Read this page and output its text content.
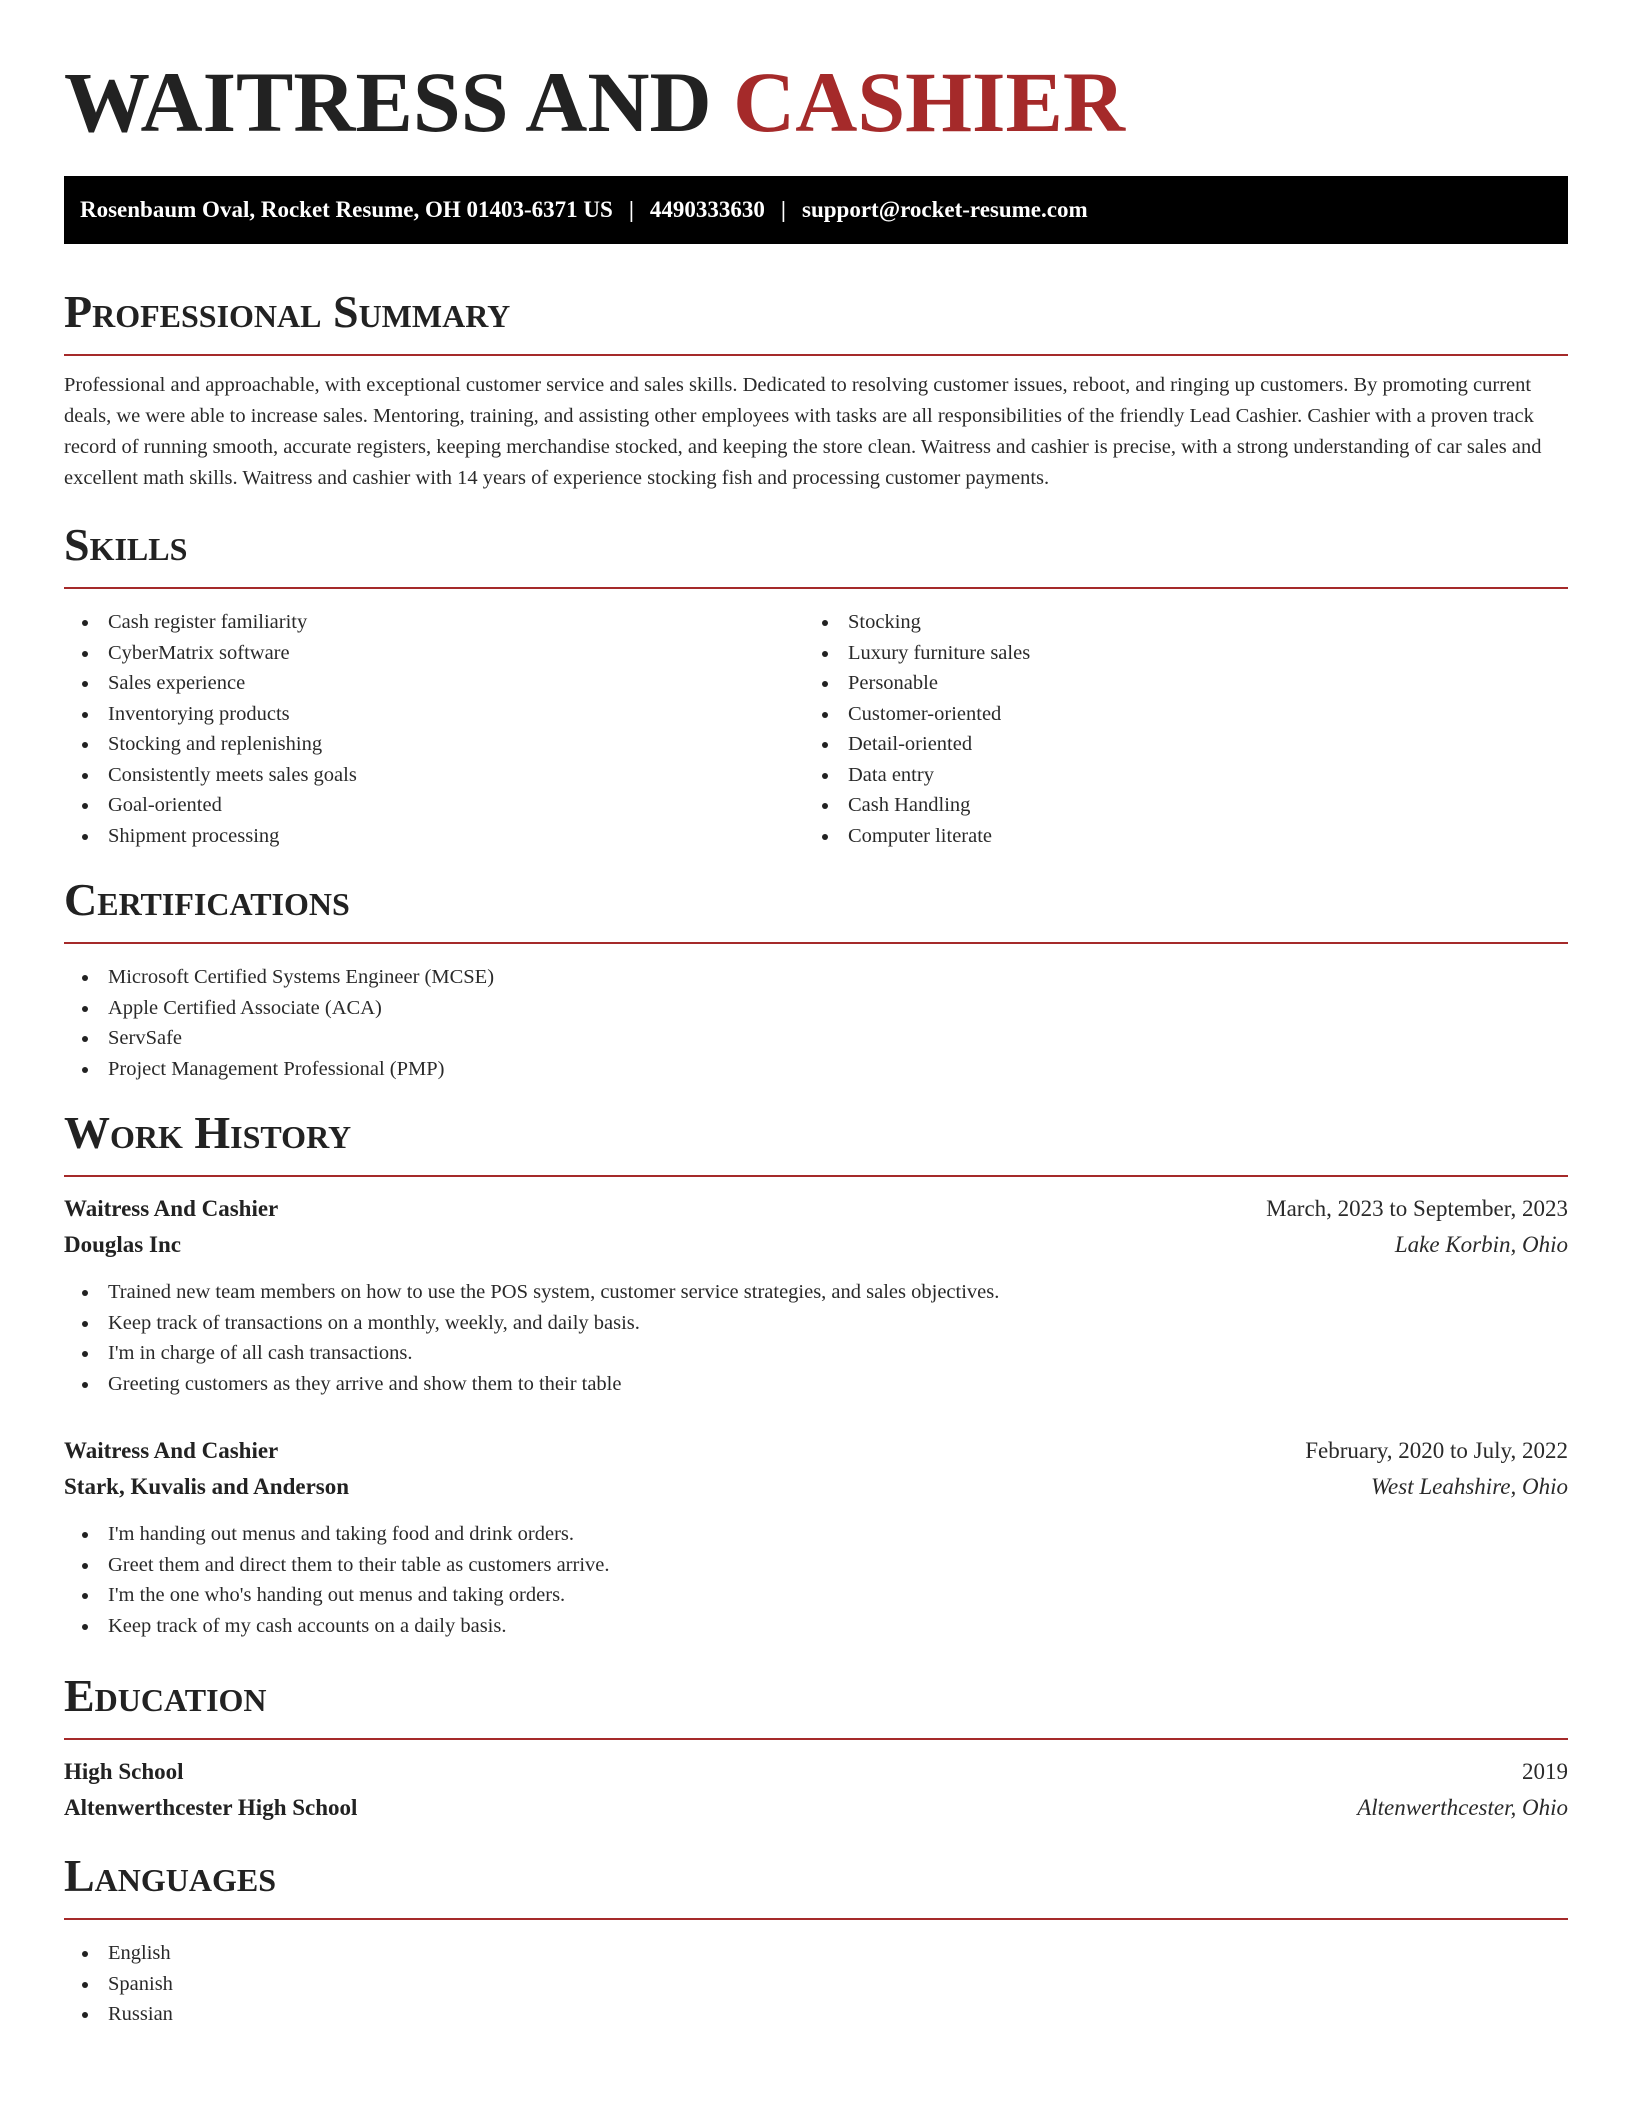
WAITRESS AND CASHIER
Rosenbaum Oval, Rocket Resume, OH 01403-6371 US | 4490333630 | support@rocket-resume.com
Professional Summary

Professional and approachable, with exceptional customer service and sales skills. Dedicated to resolving customer issues, reboot, and ringing up customers. By promoting current deals, we were able to increase sales. Mentoring, training, and assisting other employees with tasks are all responsibilities of the friendly Lead Cashier. Cashier with a proven track record of running smooth, accurate registers, keeping merchandise stocked, and keeping the store clean. Waitress and cashier is precise, with a strong understanding of car sales and excellent math skills. Waitress and cashier with 14 years of experience stocking fish and processing customer payments.

Skills
Cash register familiarity
CyberMatrix software
Sales experience
Inventorying products
Stocking and replenishing
Consistently meets sales goals
Goal-oriented
Shipment processing
Stocking
Luxury furniture sales
Personable
Customer-oriented
Detail-oriented
Data entry
Cash Handling
Computer literate
Certifications
Microsoft Certified Systems Engineer (MCSE)
Apple Certified Associate (ACA)
ServSafe
Project Management Professional (PMP)
Work History
Waitress And Cashier	March, 2023 to September, 2023
Douglas Inc	Lake Korbin, Ohio
Trained new team members on how to use the POS system, customer service strategies, and sales objectives.
Keep track of transactions on a monthly, weekly, and daily basis.
I'm in charge of all cash transactions.
Greeting customers as they arrive and show them to their table
Waitress And Cashier	February, 2020 to July, 2022
Stark, Kuvalis and Anderson	West Leahshire, Ohio
I'm handing out menus and taking food and drink orders.
Greet them and direct them to their table as customers arrive.
I'm the one who's handing out menus and taking orders.
Keep track of my cash accounts on a daily basis.
Education
High School	2019
Altenwerthcester High School	Altenwerthcester, Ohio
Languages
English
Spanish
Russian
